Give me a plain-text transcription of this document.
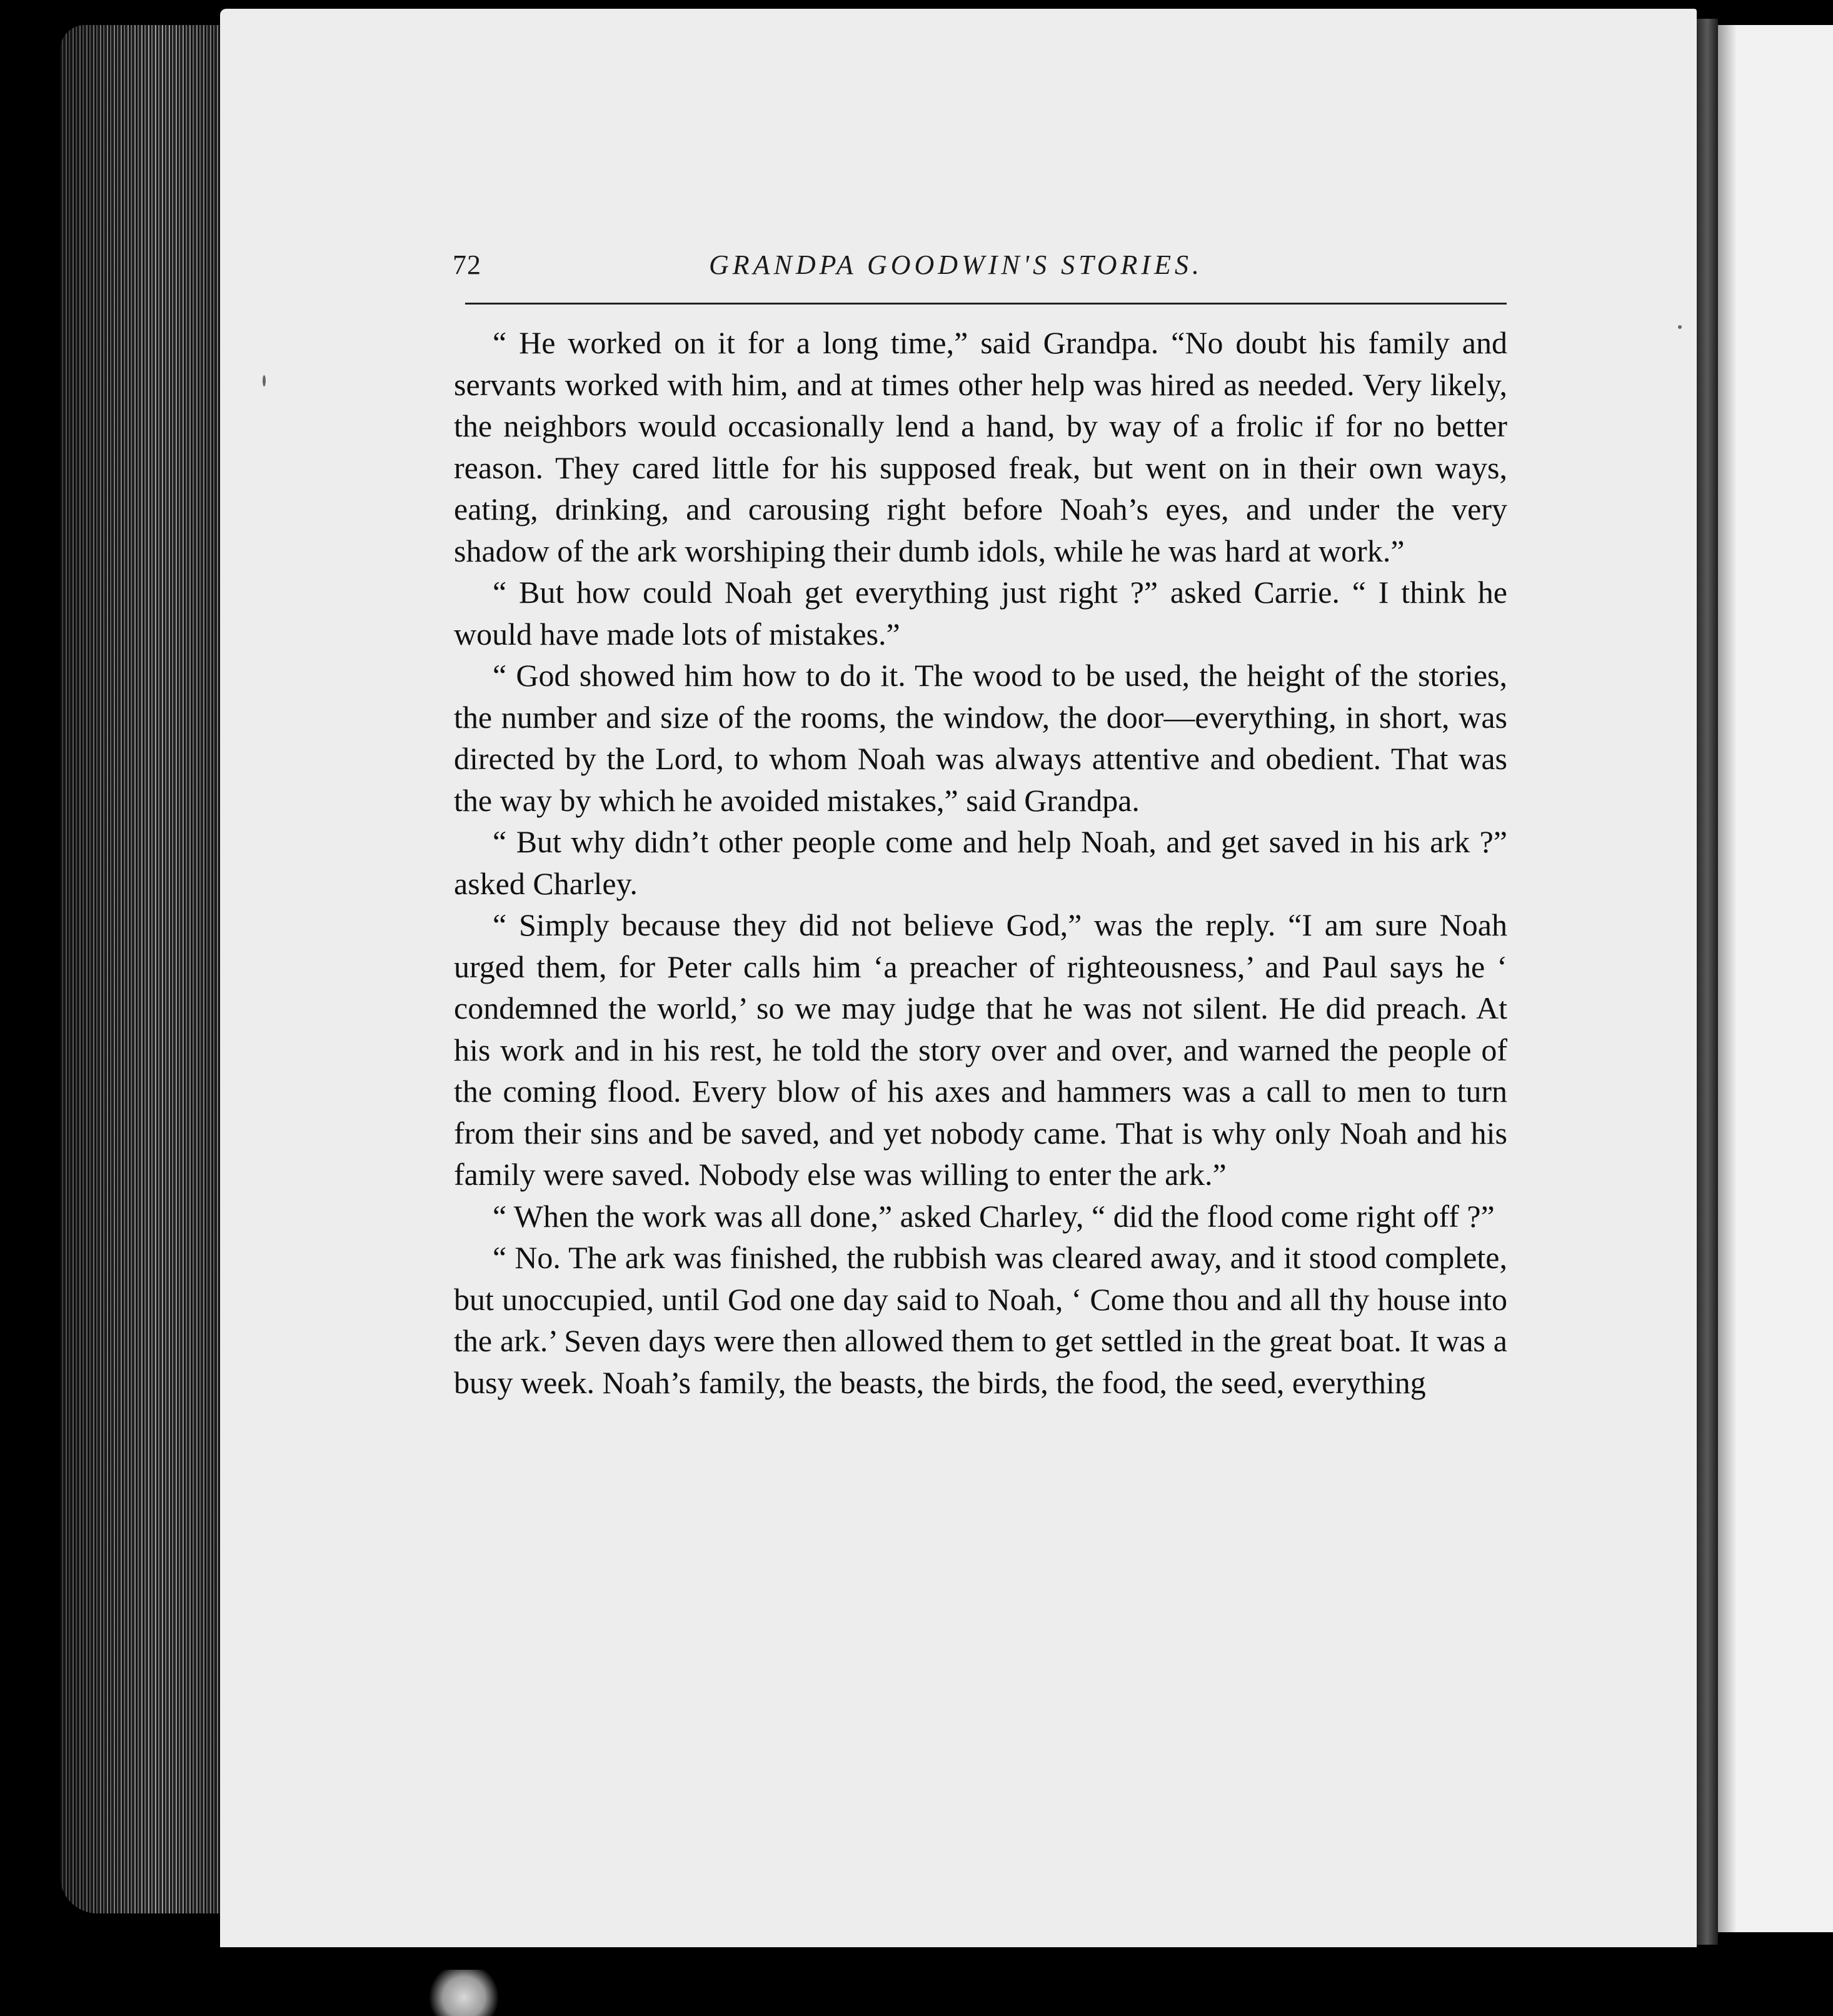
72	GRANDPA GOODWIN'S STORIES.

“ He worked on it for a long time,” said Grandpa. “No doubt his family and servants worked with him, and at times other help was hired as needed. Very likely, the neighbors would occasionally lend a hand, by way of a frolic if for no better reason. They cared little for his supposed freak, but went on in their own ways, eating, drinking, and carousing right before Noah’s eyes, and under the very shadow of the ark worshiping their dumb idols, while he was hard at work.”

“ But how could Noah get everything just right ?” asked Carrie. “ I think he would have made lots of mistakes.”

“ God showed him how to do it. The wood to be used, the height of the stories, the number and size of the rooms, the window, the door—everything, in short, was directed by the Lord, to whom Noah was always attentive and obedient. That was the way by which he avoided mistakes,” said Grandpa.

“ But why didn’t other people come and help Noah, and get saved in his ark ?” asked Charley.

“ Simply because they did not believe God,” was the reply. “I am sure Noah urged them, for Peter calls him ‘a preacher of righteousness,’ and Paul says he ‘ condemned the world,’ so we may judge that he was not silent. He did preach. At his work and in his rest, he told the story over and over, and warned the people of the coming flood. Every blow of his axes and hammers was a call to men to turn from their sins and be saved, and yet nobody came. That is why only Noah and his family were saved. Nobody else was willing to enter the ark.”

“ When the work was all done,” asked Charley, “ did the flood come right off ?”

“ No. The ark was finished, the rubbish was cleared away, and it stood complete, but unoccupied, until God one day said to Noah, ‘ Come thou and all thy house into the ark.’ Seven days were then allowed them to get settled in the great boat. It was a busy week. Noah’s family, the beasts, the birds, the food, the seed, everything
